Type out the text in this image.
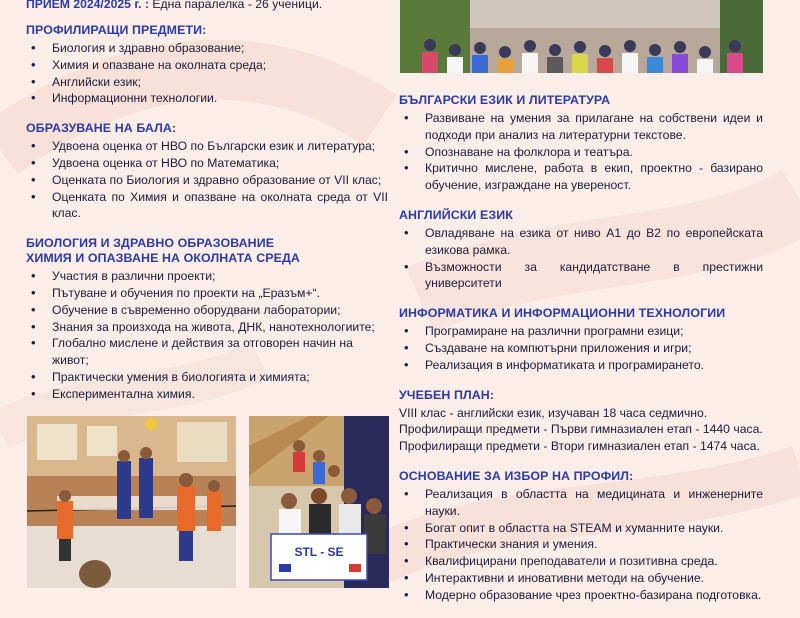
ПРИЕМ 2024/2025 г. : Една паралелка - 26 ученици.

ПРОФИЛИРАЩИ ПРЕДМЕТИ:
• Биология и здравно образование;
• Химия и опазване на околната среда;
• Английски език;
• Информационни технологии.
ОБРАЗУВАНЕ НА БАЛА:
• Удвоена оценка от НВО по Български език и литература;
• Удвоена оценка от НВО по Математика;
• Оценката по Биология и здравно образование от VII клас;
• Оценката по Химия и опазване на околната среда от VII клас.
БИОЛОГИЯ И ЗДРАВНО ОБРАЗОВАНИЕ
ХИМИЯ И ОПАЗВАНЕ НА ОКОЛНАТА СРЕДА
• Участия в различни проекти;
• Пътуване и обучения по проекти на „Еразъм+“.
• Обучение в съвременно оборудвани лаборатории;
• Знания за произхода на живота, ДНК, нанотехнологиите;
• Глобално мислене и действия за отговорен начин на живот;
• Практически умения в биологията и химията;
• Експериментална химия.
STL - SE
БЪЛГАРСКИ ЕЗИК И ЛИТЕРАТУРА
• Развиване на умения за прилагане на собствени идеи и подходи при анализ на литературни текстове.
• Опознаване на фолклора и театъра.
• Критично мислене, работа в екип, проектно - базирано обучение, изграждане на увереност.
АНГЛИЙСКИ ЕЗИК
• Овладяване на езика от ниво А1 до В2 по европейската езикова рамка.
• Възможности за кандидатстване в престижни университети
ИНФОРМАТИКА И ИНФОРМАЦИОННИ ТЕХНОЛОГИИ
• Програмиране на различни програмни езици;
• Създаване на компютърни приложения и игри;
• Реализация в информатиката и програмирането.
УЧЕБЕН ПЛАН:
VIII клас - английски език, изучаван 18 часа седмично.
Профилиращи предмети - Първи гимназиален етап - 1440 часа.
Профилиращи предмети - Втори гимназиален етап - 1474 часа.
ОСНОВАНИЕ ЗА ИЗБОР НА ПРОФИЛ:
• Реализация в областта на медицината и инженерните науки.
• Богат опит в областта на STEAM и хуманните науки.
• Практически знания и умения.
• Квалифицирани преподаватели и позитивна среда.
• Интерактивни и иновативни методи на обучение.
• Модерно образование чрез проектно-базирана подготовка.
